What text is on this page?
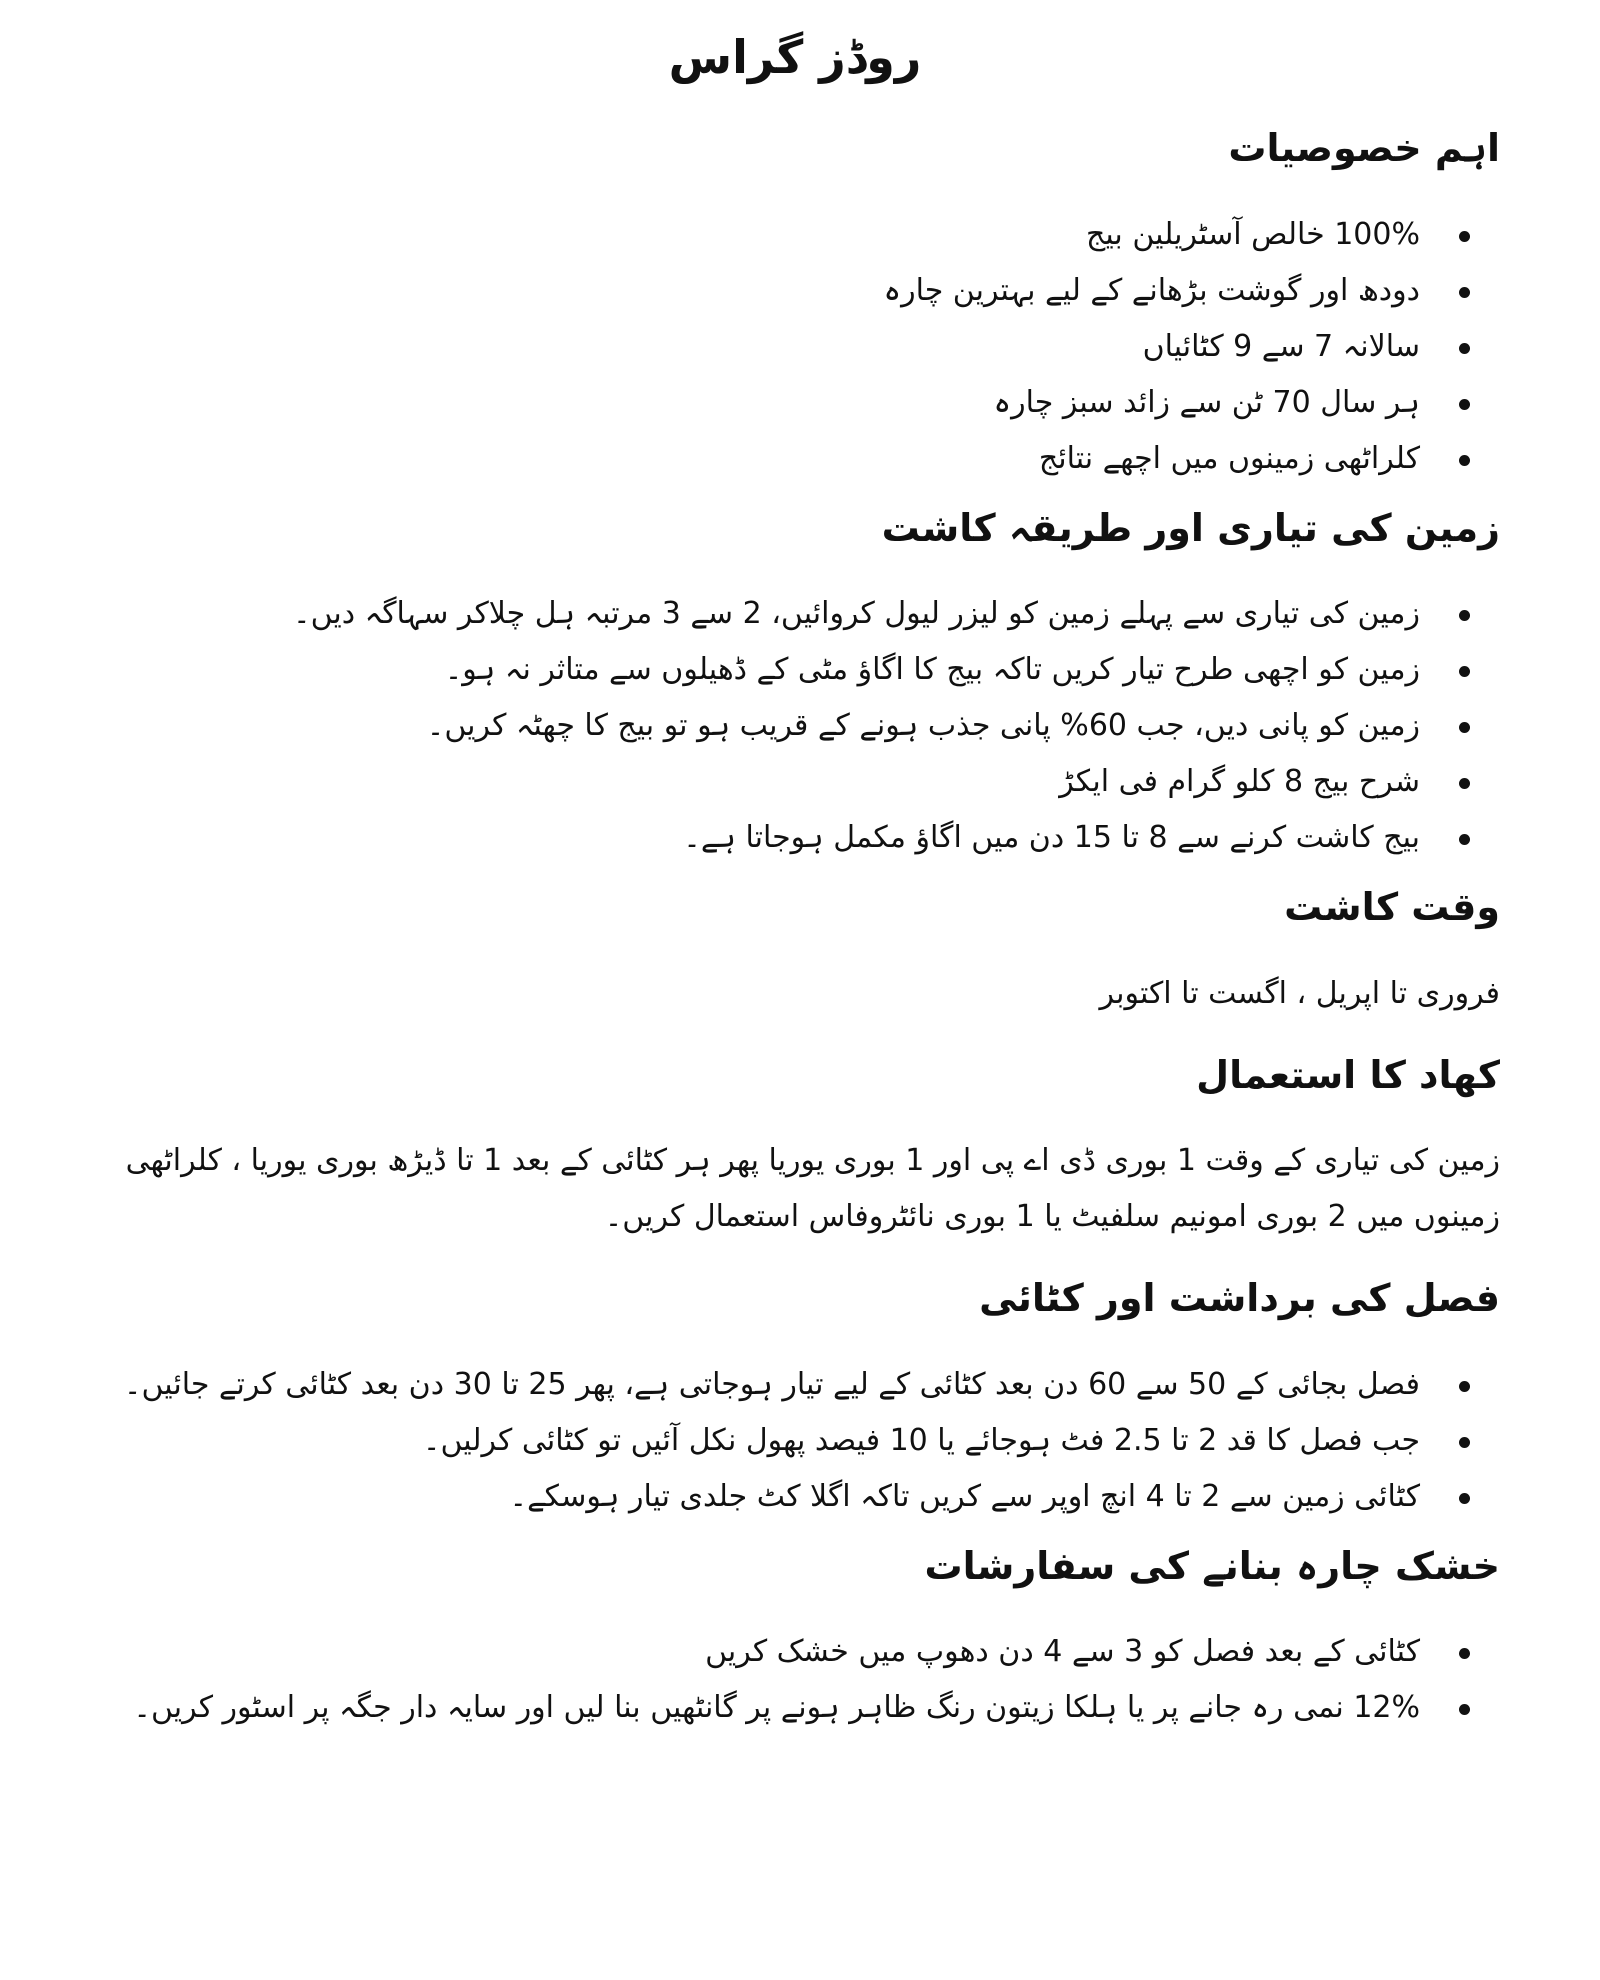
روڈز گراس
اہم خصوصیات
100% خالص آسٹریلین بیج
دودھ اور گوشت بڑھانے کے لیے بہترین چارہ
سالانہ 7 سے 9 کٹائیاں
ہر سال 70 ٹن سے زائد سبز چارہ
کلراٹھی زمینوں میں اچھے نتائج
زمین کی تیاری اور طریقہ کاشت
زمین کی تیاری سے پہلے زمین کو لیزر لیول کروائیں، 2 سے 3 مرتبہ ہل چلاکر سہاگہ دیں۔
زمین کو اچھی طرح تیار کریں تاکہ بیج کا اگاؤ مٹی کے ڈھیلوں سے متاثر نہ ہو۔
زمین کو پانی دیں، جب 60% پانی جذب ہونے کے قریب ہو تو بیج کا چھٹہ کریں۔
شرح بیج 8 کلو گرام فی ایکڑ
بیج کاشت کرنے سے 8 تا 15 دن میں اگاؤ مکمل ہوجاتا ہے۔
وقت کاشت

فروری تا اپریل ، اگست تا اکتوبر

کھاد کا استعمال

زمین کی تیاری کے وقت 1 بوری ڈی اے پی اور 1 بوری یوریا پھر ہر کٹائی کے بعد 1 تا ڈیڑھ بوری یوریا ، کلراٹھی زمینوں میں 2 بوری امونیم سلفیٹ یا 1 بوری نائٹروفاس استعمال کریں۔

فصل کی برداشت اور کٹائی
فصل بجائی کے 50 سے 60 دن بعد کٹائی کے لیے تیار ہوجاتی ہے، پھر 25 تا 30 دن بعد کٹائی کرتے جائیں۔
جب فصل کا قد 2 تا 2.5 فٹ ہوجائے یا 10 فیصد پھول نکل آئیں تو کٹائی کرلیں۔
کٹائی زمین سے 2 تا 4 انچ اوپر سے کریں تاکہ اگلا کٹ جلدی تیار ہوسکے۔
خشک چارہ بنانے کی سفارشات
کٹائی کے بعد فصل کو 3 سے 4 دن دھوپ میں خشک کریں
12% نمی رہ جانے پر یا ہلکا زیتون رنگ ظاہر ہونے پر گانٹھیں بنا لیں اور سایہ دار جگہ پر اسٹور کریں۔
